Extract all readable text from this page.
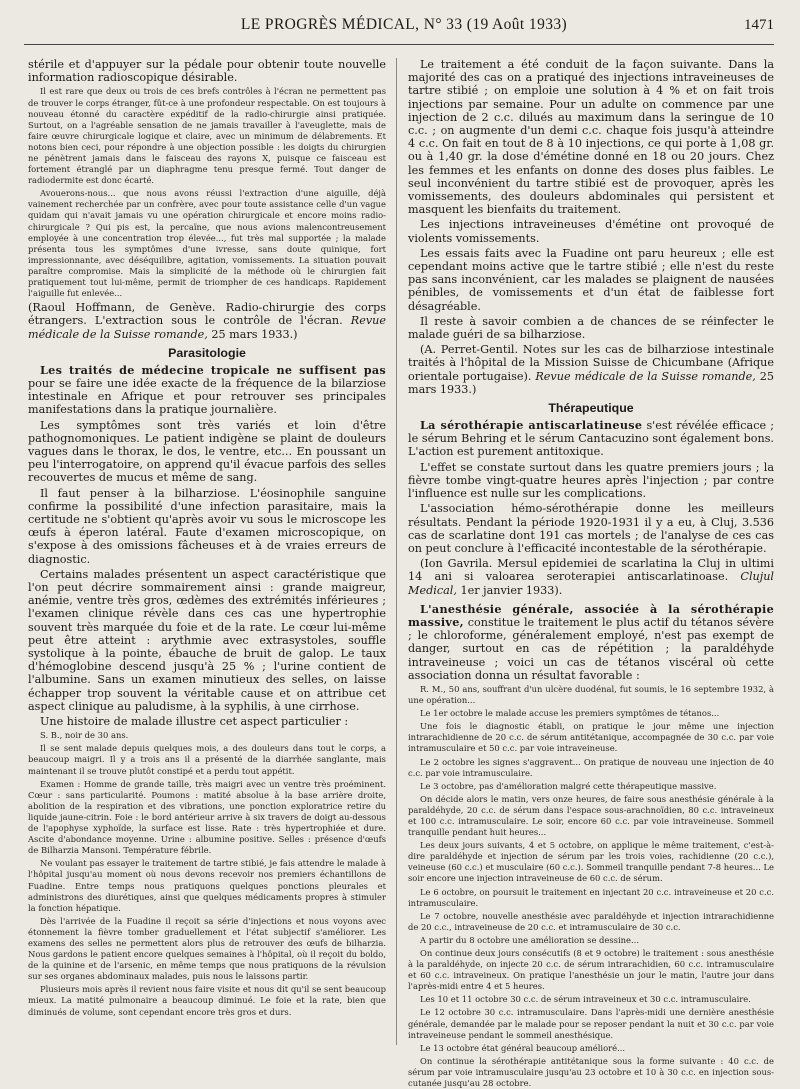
LE PROGRÈS MÉDICAL, N° 33 (19 Août 1933)	1471

stérile et d'appuyer sur la pédale pour obtenir toute nouvelle information radioscopique désirable.

Il est rare que deux ou trois de ces brefs contrôles à l'écran ne permettent pas de trouver le corps étranger, fût-ce à une profondeur respectable. On est toujours à nouveau étonné du caractère expéditif de la radio-chirurgie ainsi pratiquée. Surtout, on a l'agréable sensation de ne jamais travailler à l'aveuglette, mais de faire œuvre chirurgicale logique et claire, avec un minimum de délabrements. Et notons bien ceci, pour répondre à une objection possible : les doigts du chirurgien ne pénètrent jamais dans le faisceau des rayons X, puisque ce faisceau est fortement étranglé par un diaphragme tenu presque fermé. Tout danger de radiodermite est donc écarté.

Avouerons-nous... que nous avons réussi l'extraction d'une aiguille, déjà vainement recherchée par un confrère, avec pour toute assistance celle d'un vague quidam qui n'avait jamais vu une opération chirurgicale et encore moins radio-chirurgicale ? Qui pis est, la percaïne, que nous avions malencontreusement employée à une concentration trop élevée..., fut très mal supportée ; la malade présenta tous les symptômes d'une ivresse, sans doute quinique, fort impressionnante, avec déséquilibre, agitation, vomissements. La situation pouvait paraître compromise. Mais la simplicité de la méthode où le chirurgien fait pratiquement tout lui-même, permit de triompher de ces handicaps. Rapidement l'aiguille fut enlevée...

(Raoul Hoffmann, de Genève. Radio-chirurgie des corps étrangers. L'extraction sous le contrôle de l'écran. Revue médicale de la Suisse romande, 25 mars 1933.)

Parasitologie

Les traités de médecine tropicale ne suffisent pas pour se faire une idée exacte de la fréquence de la bilarziose intestinale en Afrique et pour retrouver ses principales manifestations dans la pratique journalière.

Les symptômes sont très variés et loin d'être pathognomoniques. Le patient indigène se plaint de douleurs vagues dans le thorax, le dos, le ventre, etc... En poussant un peu l'interrogatoire, on apprend qu'il évacue parfois des selles recouvertes de mucus et même de sang.

Il faut penser à la bilharziose. L'éosinophile sanguine confirme la possibilité d'une infection parasitaire, mais la certitude ne s'obtient qu'après avoir vu sous le microscope les œufs à éperon latéral. Faute d'examen microscopique, on s'expose à des omissions fâcheuses et à de vraies erreurs de diagnostic.

Certains malades présentent un aspect caractéristique que l'on peut décrire sommairement ainsi : grande maigreur, anémie, ventre très gros, œdèmes des extrémités inférieures ; l'examen clinique révèle dans ces cas une hypertrophie souvent très marquée du foie et de la rate. Le cœur lui-même peut être atteint : arythmie avec extrasystoles, souffle systolique à la pointe, ébauche de bruit de galop. Le taux d'hémoglobine descend jusqu'à 25 % ; l'urine contient de l'albumine. Sans un examen minutieux des selles, on laisse échapper trop souvent la véritable cause et on attribue cet aspect clinique au paludisme, à la syphilis, à une cirrhose.

Une histoire de malade illustre cet aspect particulier :

S. B., noir de 30 ans.

Il se sent malade depuis quelques mois, a des douleurs dans tout le corps, a beaucoup maigri. Il y a trois ans il a présenté de la diarrhée sanglante, mais maintenant il se trouve plutôt constipé et a perdu tout appétit.

Examen : Homme de grande taille, très maigri avec un ventre très proéminent. Cœur : sans particularité. Poumons : matité absolue à la base arrière droite, abolition de la respiration et des vibrations, une ponction exploratrice retire du liquide jaune-citrin. Foie : le bord antérieur arrive à six travers de doigt au-dessous de l'apophyse xyphoïde, la surface est lisse. Rate : très hypertrophiée et dure. Ascite d'abondance moyenne. Urine : albumine positive. Selles : présence d'œufs de Bilharzia Mansoni. Température fébrile.

Ne voulant pas essayer le traitement de tartre stibié, je fais attendre le malade à l'hôpital jusqu'au moment où nous devons recevoir nos premiers échantillons de Fuadine. Entre temps nous pratiquons quelques ponctions pleurales et administrons des diurétiques, ainsi que quelques médicaments propres à stimuler la fonction hépatique.

Dès l'arrivée de la Fuadine il reçoit sa série d'injections et nous voyons avec étonnement la fièvre tomber graduellement et l'état subjectif s'améliorer. Les examens des selles ne permettent alors plus de retrouver des œufs de bilharzia. Nous gardons le patient encore quelques semaines à l'hôpital, où il reçoit du boldo, de la quinine et de l'arsenic, en même temps que nous pratiquons de la révulsion sur ses organes abdominaux malades, puis nous le laissons partir.

Plusieurs mois après il revient nous faire visite et nous dit qu'il se sent beaucoup mieux. La matité pulmonaire a beaucoup diminué. Le foie et la rate, bien que diminués de volume, sont cependant encore très gros et durs.

Le traitement a été conduit de la façon suivante. Dans la majorité des cas on a pratiqué des injections intraveineuses de tartre stibié ; on emploie une solution à 4 % et on fait trois injections par semaine. Pour un adulte on commence par une injection de 2 c.c. dilués au maximum dans la seringue de 10 c.c. ; on augmente d'un demi c.c. chaque fois jusqu'à atteindre 4 c.c. On fait en tout de 8 à 10 injections, ce qui porte à 1,08 gr. ou à 1,40 gr. la dose d'émétine donné en 18 ou 20 jours. Chez les femmes et les enfants on donne des doses plus faibles. Le seul inconvénient du tartre stibié est de provoquer, après les vomissements, des douleurs abdominales qui persistent et masquent les bienfaits du traitement.

Les injections intraveineuses d'émétine ont provoqué de violents vomissements.

Les essais faits avec la Fuadine ont paru heureux ; elle est cependant moins active que le tartre stibié ; elle n'est du reste pas sans inconvénient, car les malades se plaignent de nausées pénibles, de vomissements et d'un état de faiblesse fort désagréable.

Il reste à savoir combien a de chances de se réinfecter le malade guéri de sa bilharziose.

(A. Perret-Gentil. Notes sur les cas de bilharziose intestinale traités à l'hôpital de la Mission Suisse de Chicumbane (Afrique orientale portugaise). Revue médicale de la Suisse romande, 25 mars 1933.)

Thérapeutique

La sérothérapie antiscarlatineuse s'est révélée efficace ; le sérum Behring et le sérum Cantacuzino sont également bons. L'action est purement antitoxique.

L'effet se constate surtout dans les quatre premiers jours ; la fièvre tombe vingt-quatre heures après l'injection ; par contre l'influence est nulle sur les complications.

L'association hémo-sérothérapie donne les meilleurs résultats. Pendant la période 1920-1931 il y a eu, à Cluj, 3.536 cas de scarlatine dont 191 cas mortels ; de l'analyse de ces cas on peut conclure à l'efficacité incontestable de la sérothérapie.

(Ion Gavrila. Mersul epidemiei de scarlatina la Cluj in ultimi 14 ani si valoarea seroterapiei antiscarlatinoase. Clujul Medical, 1er janvier 1933).

L'anesthésie générale, associée à la sérothérapie massive, constitue le traitement le plus actif du tétanos sévère ; le chloroforme, généralement employé, n'est pas exempt de danger, surtout en cas de répétition ; la paraldéhyde intraveineuse ; voici un cas de tétanos viscéral où cette association donna un résultat favorable :

R. M., 50 ans, souffrant d'un ulcère duodénal, fut soumis, le 16 septembre 1932, à une opération...

Le 1er octobre le malade accuse les premiers symptômes de tétanos...

Une fois le diagnostic établi, on pratique le jour même une injection intrarachidienne de 20 c.c. de sérum antitétanique, accompagnée de 30 c.c. par voie intramusculaire et 50 c.c. par voie intraveineuse.

Le 2 octobre les signes s'aggravent... On pratique de nouveau une injection de 40 c.c. par voie intramusculaire.

Le 3 octobre, pas d'amélioration malgré cette thérapeutique massive.

On décide alors le matin, vers onze heures, de faire sous anesthésie générale à la paraldéhyde, 20 c.c. de sérum dans l'espace sous-arachnoïdien, 80 c.c. intraveineux et 100 c.c. intramusculaire. Le soir, encore 60 c.c. par voie intraveineuse. Sommeil tranquille pendant huit heures...

Les deux jours suivants, 4 et 5 octobre, on applique le même traitement, c'est-à-dire paraldéhyde et injection de sérum par les trois voies, rachidienne (20 c.c.), veineuse (60 c.c.) et musculaire (60 c.c.). Sommeil tranquille pendant 7-8 heures... Le soir encore une injection intraveineuse de 60 c.c. de sérum.

Le 6 octobre, on poursuit le traitement en injectant 20 c.c. intraveineuse et 20 c.c. intramusculaire.

Le 7 octobre, nouvelle anesthésie avec paraldéhyde et injection intrarachidienne de 20 c.c., intraveineuse de 20 c.c. et intramusculaire de 30 c.c.

A partir du 8 octobre une amélioration se dessine...

On continue deux jours consécutifs (8 et 9 octobre) le traitement : sous anesthésie à la paraldéhyde, on injecte 20 c.c. de sérum intrarachidien, 60 c.c. intramusculaire et 60 c.c. intraveineux. On pratique l'anesthésie un jour le matin, l'autre jour dans l'après-midi entre 4 et 5 heures.

Les 10 et 11 octobre 30 c.c. de sérum intraveineux et 30 c.c. intramusculaire.

Le 12 octobre 30 c.c. intramusculaire. Dans l'après-midi une dernière anesthésie générale, demandée par le malade pour se reposer pendant la nuit et 30 c.c. par voie intraveineuse pendant le sommeil anesthésique.

Le 13 octobre état général beaucoup amélioré...

On continue la sérothérapie antitétanique sous la forme suivante : 40 c.c. de sérum par voie intramusculaire jusqu'au 23 octobre et 10 à 30 c.c. en injection sous-cutanée jusqu'au 28 octobre.
